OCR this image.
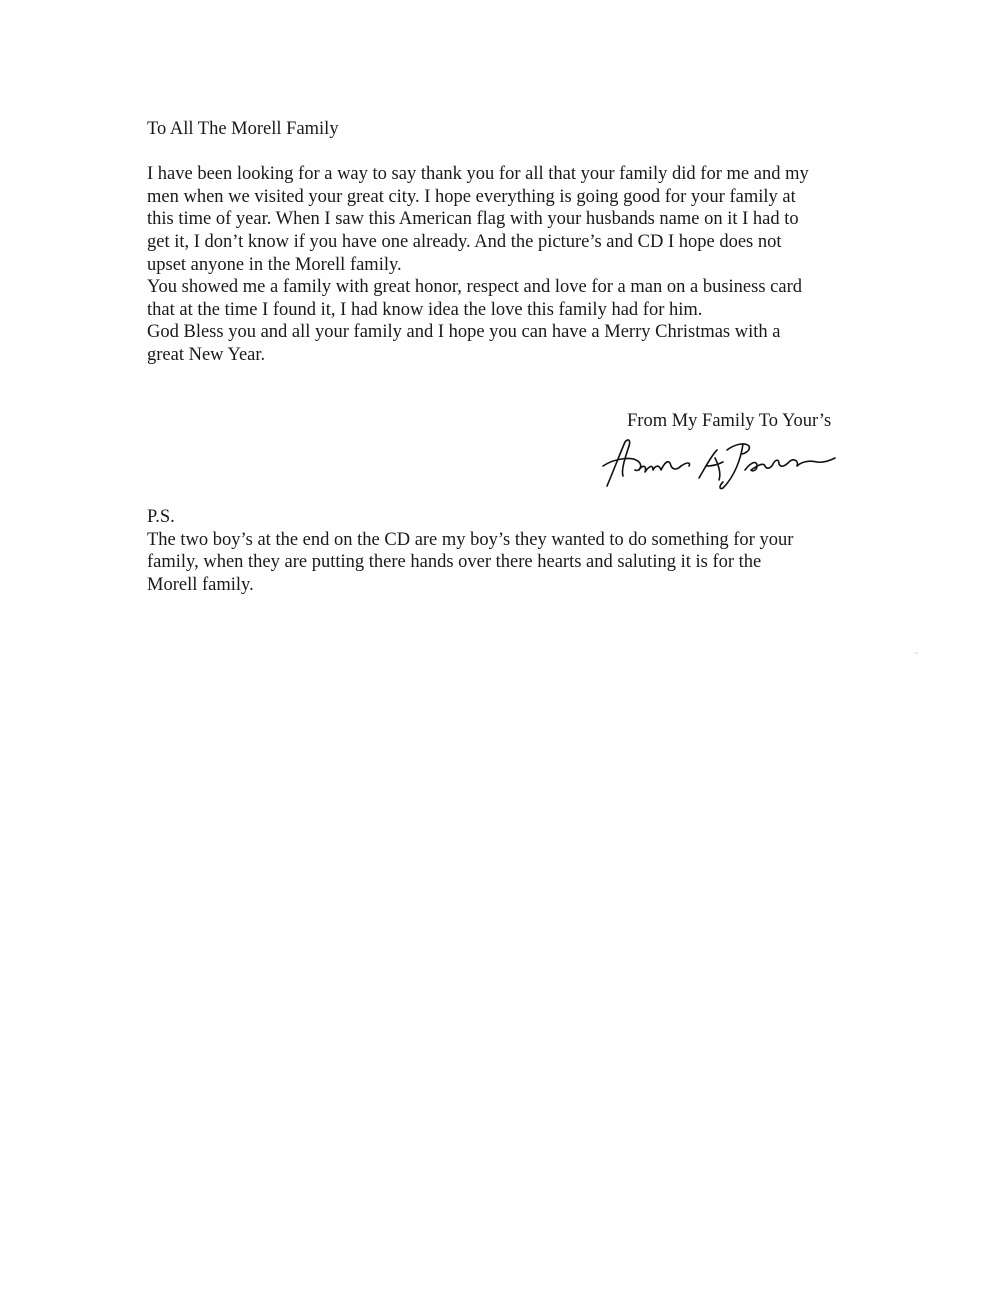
To All The Morell Family
I have been looking for a way to say thank you for all that your family did for me and my
men when we visited your great city. I hope everything is going good for your family at
this time of year. When I saw this American flag with your husbands name on it I had to
get it, I don’t know if you have one already. And the picture’s and CD I hope does not
upset anyone in the Morell family.
You showed me a family with great honor, respect and love for a man on a business card
that at the time I found it, I had know idea the love this family had for him.
God Bless you and all your family and I hope you can have a Merry Christmas with a
great New Year.
From My Family To Your’s
P.S.
The two boy’s at the end on the CD are my boy’s they wanted to do something for your
family, when they are putting there hands over there hearts and saluting it is for the
Morell family.
